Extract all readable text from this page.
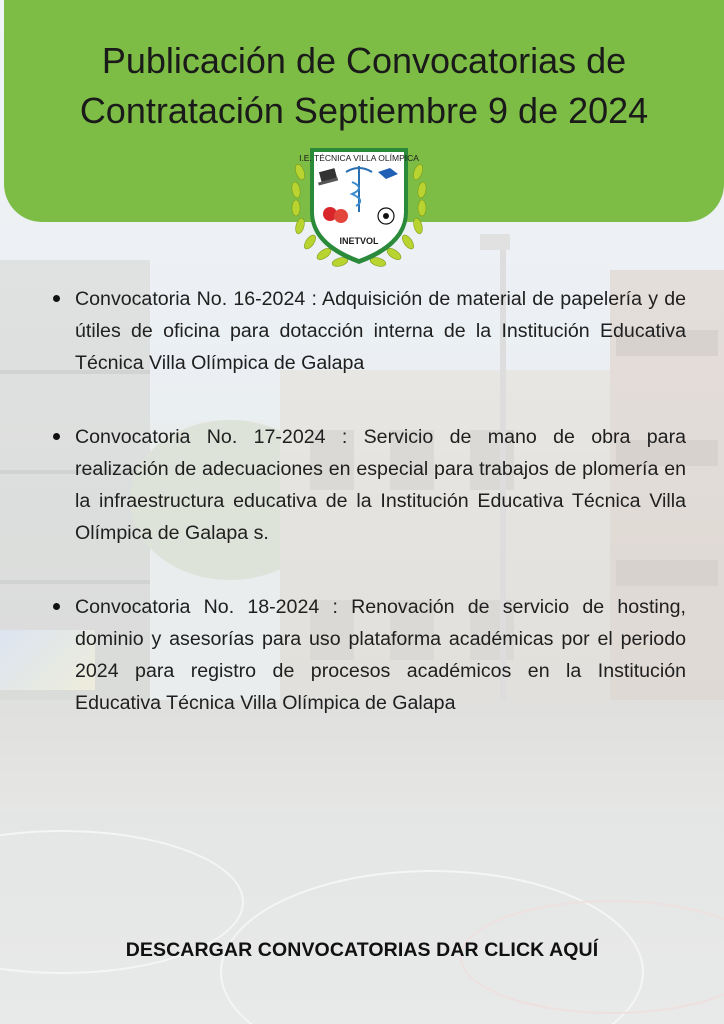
Publicación de Convocatorias de
Contratación Septiembre 9 de 2024
I.E. TÉCNICA VILLA OLÍMPICA
INETVOL
Convocatoria No. 16-2024 : Adquisición de material de papelería y de útiles de oficina para dotacción interna de la Institución Educativa Técnica Villa Olímpica de Galapa
Convocatoria No. 17-2024 : Servicio de mano de obra para realización de adecuaciones en especial para trabajos de plomería en la infraestructura educativa de la Institución Educativa Técnica Villa Olímpica de Galapa s.
Convocatoria No. 18-2024 : Renovación de servicio de hosting, dominio y asesorías para uso plataforma académicas por el periodo 2024 para registro de procesos académicos en la Institución Educativa Técnica Villa Olímpica de Galapa
DESCARGAR CONVOCATORIAS DAR CLICK AQUÍ
